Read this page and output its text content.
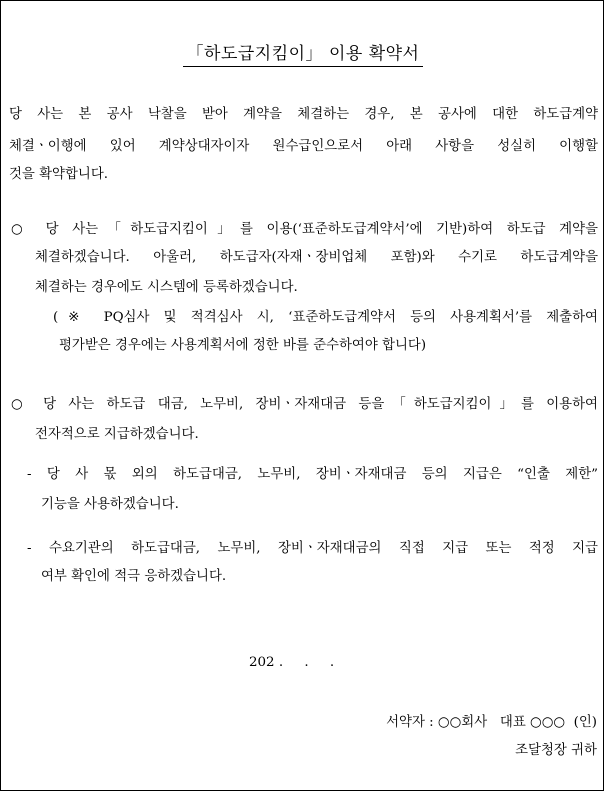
「하도급지킴이」 이용 확약서
당 사는 본 공사 낙찰을 받아 계약을 체결하는 경우, 본 공사에 대한 하도급계약
체결ㆍ이행에 있어 계약상대자이자 원수급인으로서 아래 사항을 성실히 이행할
것을 확약합니다.
○ 당 사는「하도급지킴이」를 이용(‘표준하도급계약서’에 기반)하여 하도급 계약을
체결하겠습니다. 아울러, 하도급자(자재ㆍ장비업체 포함)와 수기로 하도급계약을
체결하는 경우에도 시스템에 등록하겠습니다.
(※ PQ심사 및 적격심사 시, ‘표준하도급계약서 등의 사용계획서’를 제출하여
평가받은 경우에는 사용계획서에 정한 바를 준수하여야 합니다)
○ 당 사는 하도급 대금, 노무비, 장비ㆍ자재대금 등을「하도급지킴이」를 이용하여
전자적으로 지급하겠습니다.
- 당 사 몫 외의 하도급대금, 노무비, 장비ㆍ자재대금 등의 지급은 “인출 제한”
기능을 사용하겠습니다.
- 수요기관의 하도급대금, 노무비, 장비ㆍ자재대금의 직접 지급 또는 적정 지급
여부 확인에 적극 응하겠습니다.
202 .     .     .
서약자 : ○○회사   대표 ○○○  (인)
조달청장 귀하
